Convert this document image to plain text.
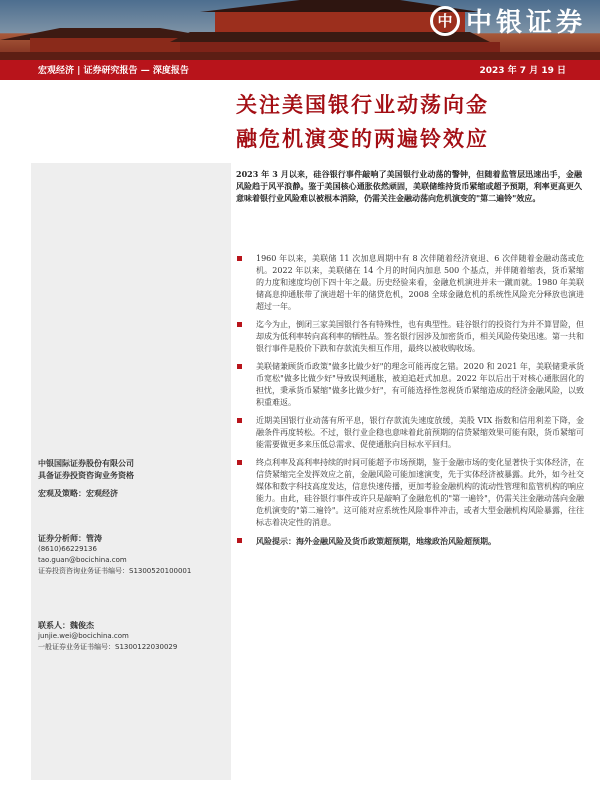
中 中银证券
宏观经济 | 证券研究报告 — 深度报告	2023 年 7 月 19 日
关注美国银行业动荡向金
融危机演变的两遍铃效应
2023 年 3 月以来，硅谷银行事件敲响了美国银行业动荡的警钟，但随着监管层迅速出手，金融风险趋于风平浪静。鉴于美国核心通胀依然顽固，美联储维持货币紧缩或超予预期，利率更高更久意味着银行业风险难以被根本消除，仍需关注金融动荡向危机演变的"第二遍铃"效应。
中银国际证券股份有限公司
具备证券投资咨询业务资格
宏观及策略：宏观经济
证券分析师：管涛
(8610)66229136
tao.guan@bocichina.com
证券投资咨询业务证书编号：S1300520100001
联系人：魏俊杰
junjie.wei@bocichina.com
一般证券业务证书编号：S1300122030029
1960 年以来，美联储 11 次加息周期中有 8 次伴随着经济衰退、6 次伴随着金融动荡或危机。2022 年以来，美联储在 14 个月的时间内加息 500 个基点，并伴随着缩表，货币紧缩的力度和速度均创下四十年之最。历史经验来看，金融危机演进并未一蹴而就。1980 年美联储高息抑通胀带了演进超十年的储贷危机，2008 全球金融危机的系统性风险充分释放也演进超过一年。
迄今为止，倒闭三家美国银行各有特殊性，也有典型性。硅谷银行的投资行为并不算冒险，但却成为低利率转向高利率的牺牲品。签名银行因涉及加密货币，相关风险传染迅速。第一共和银行事件是股价下跌和存款流失相互作用，最终以被收购收场。
美联储兼顾货币政策"做多比做少好"的理念可能再度乞错。2020 和 2021 年，美联储秉承货币宽松"做多比做少好"导致误判通胀，被迫追赶式加息。2022 年以后出于对核心通胀固化的担忧，秉承货币紧缩"做多比做少好"，有可能选择性忽视货币紧缩造成的经济金融风险，以致积重难返。
近期美国银行业动荡有所平息，银行存款流失速度放缓，美股 VIX 指数和信用利差下降，金融条件再度转松。不过，银行业企稳也意味着此前预期的信贷紧缩效果可能有限，货币紧缩可能需要做更多来压低总需求、促使通胀向目标水平回归。
终点利率及高利率持续的时间可能超予市场预期，鉴于金融市场的变化显著快于实体经济，在信贷紧缩完全发挥效应之前，金融风险可能加速演变，先于实体经济被暴露。此外，如今社交媒体和数字科技高度发达，信息快速传播，更加考验金融机构的流动性管理和监管机构的响应能力。由此，硅谷银行事件或许只是敲响了金融危机的"第一遍铃"，仍需关注金融动荡向金融危机演变的"第二遍铃"。这可能对应系统性风险事件冲击，或者大型金融机构风险暴露，往往标志着决定性的消息。
风险提示：海外金融风险及货币政策超预期，地缘政治风险超预期。
